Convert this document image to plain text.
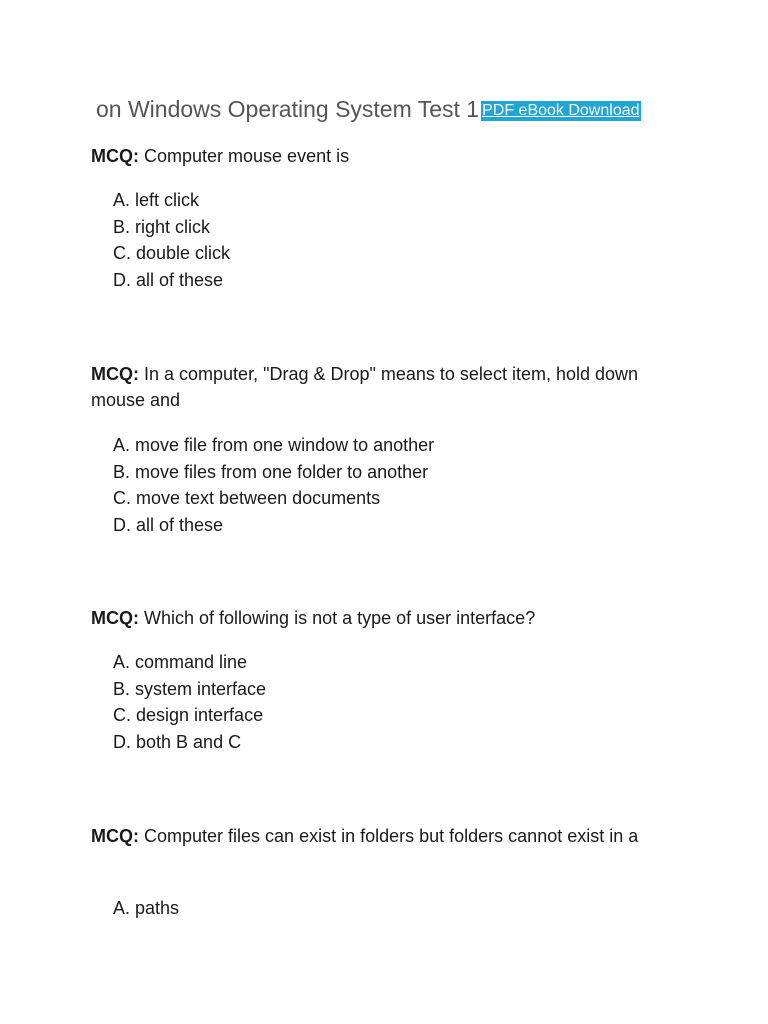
on Windows Operating System Test 1 PDF eBook Download
MCQ: Computer mouse event is
A. left click
B. right click
C. double click
D. all of these
MCQ: In a computer, "Drag & Drop" means to select item, hold down mouse and
A. move file from one window to another
B. move files from one folder to another
C. move text between documents
D. all of these
MCQ: Which of following is not a type of user interface?
A. command line
B. system interface
C. design interface
D. both B and C
MCQ: Computer files can exist in folders but folders cannot exist in a
A. paths
